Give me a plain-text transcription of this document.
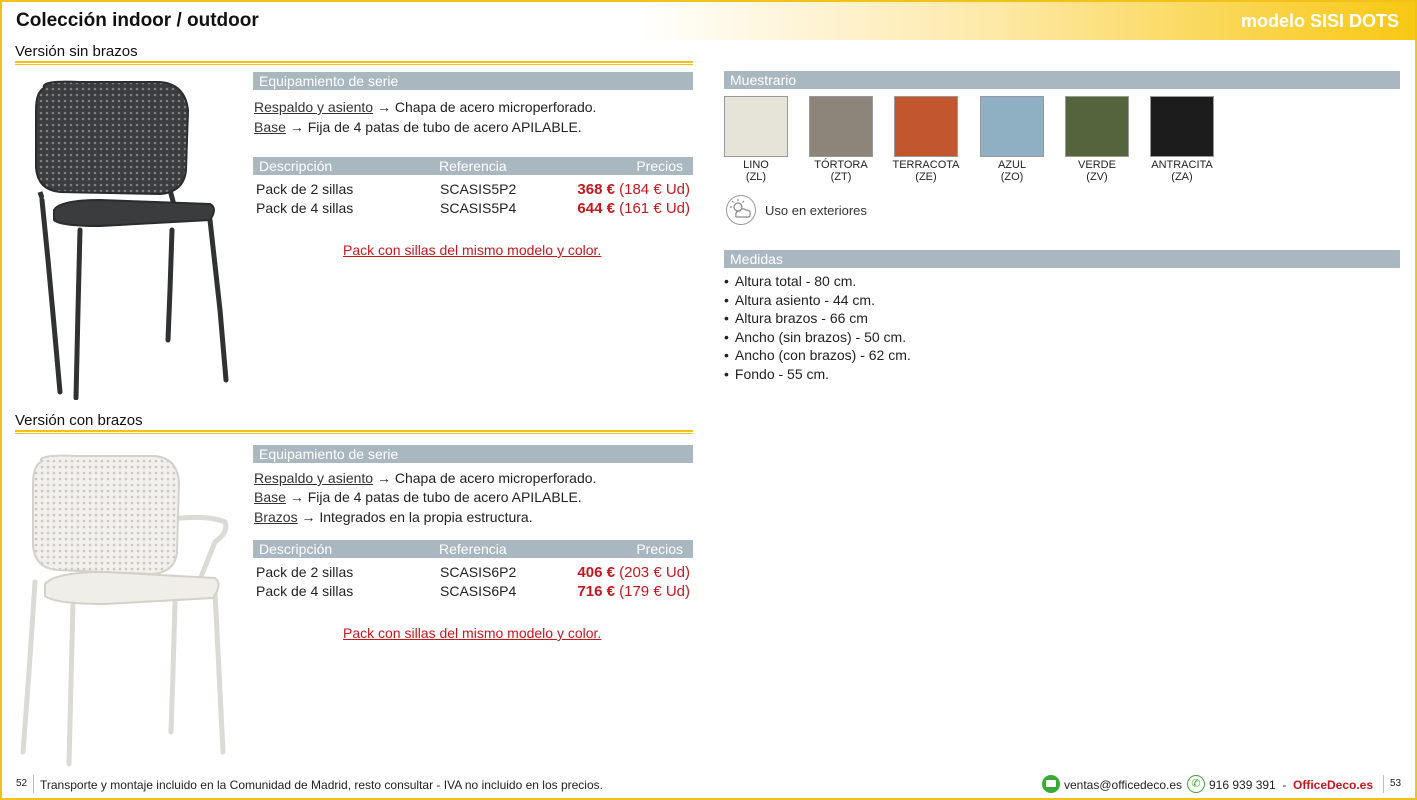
Colección indoor / outdoor	modelo SISI DOTS
Versión sin brazos
Equipamiento de serie
Respaldo y asiento → Chapa de acero microperforado.
Base → Fija de 4 patas de tubo de acero APILABLE.
Descripción	Referencia	Precios
Pack de 2 sillas	SCASIS5P2	368 € (184 € Ud)
Pack de 4 sillas	SCASIS5P4	644 € (161 € Ud)
Pack con sillas del mismo modelo y color.
Versión con brazos
Equipamiento de serie
Respaldo y asiento → Chapa de acero microperforado.
Base → Fija de 4 patas de tubo de acero APILABLE.
Brazos → Integrados en la propia estructura.
Descripción	Referencia	Precios
Pack de 2 sillas	SCASIS6P2	406 € (203 € Ud)
Pack de 4 sillas	SCASIS6P4	716 € (179 € Ud)
Pack con sillas del mismo modelo y color.
Muestrario
LINO
(ZL)
TÓRTORA
(ZT)
TERRACOTA
(ZE)
AZUL
(ZO)
VERDE
(ZV)
ANTRACITA
(ZA)
Uso en exteriores
Medidas
• Altura total - 80 cm.
• Altura asiento - 44 cm.
• Altura brazos - 66 cm
• Ancho (sin brazos) - 50 cm.
• Ancho (con brazos) - 62 cm.
• Fondo - 55 cm.
52 Transporte y montaje incluido en la Comunidad de Madrid, resto consultar - IVA no incluido en los precios.	ventas@officedeco.es ✆ 916 939 391 - OfficeDeco.es 53
